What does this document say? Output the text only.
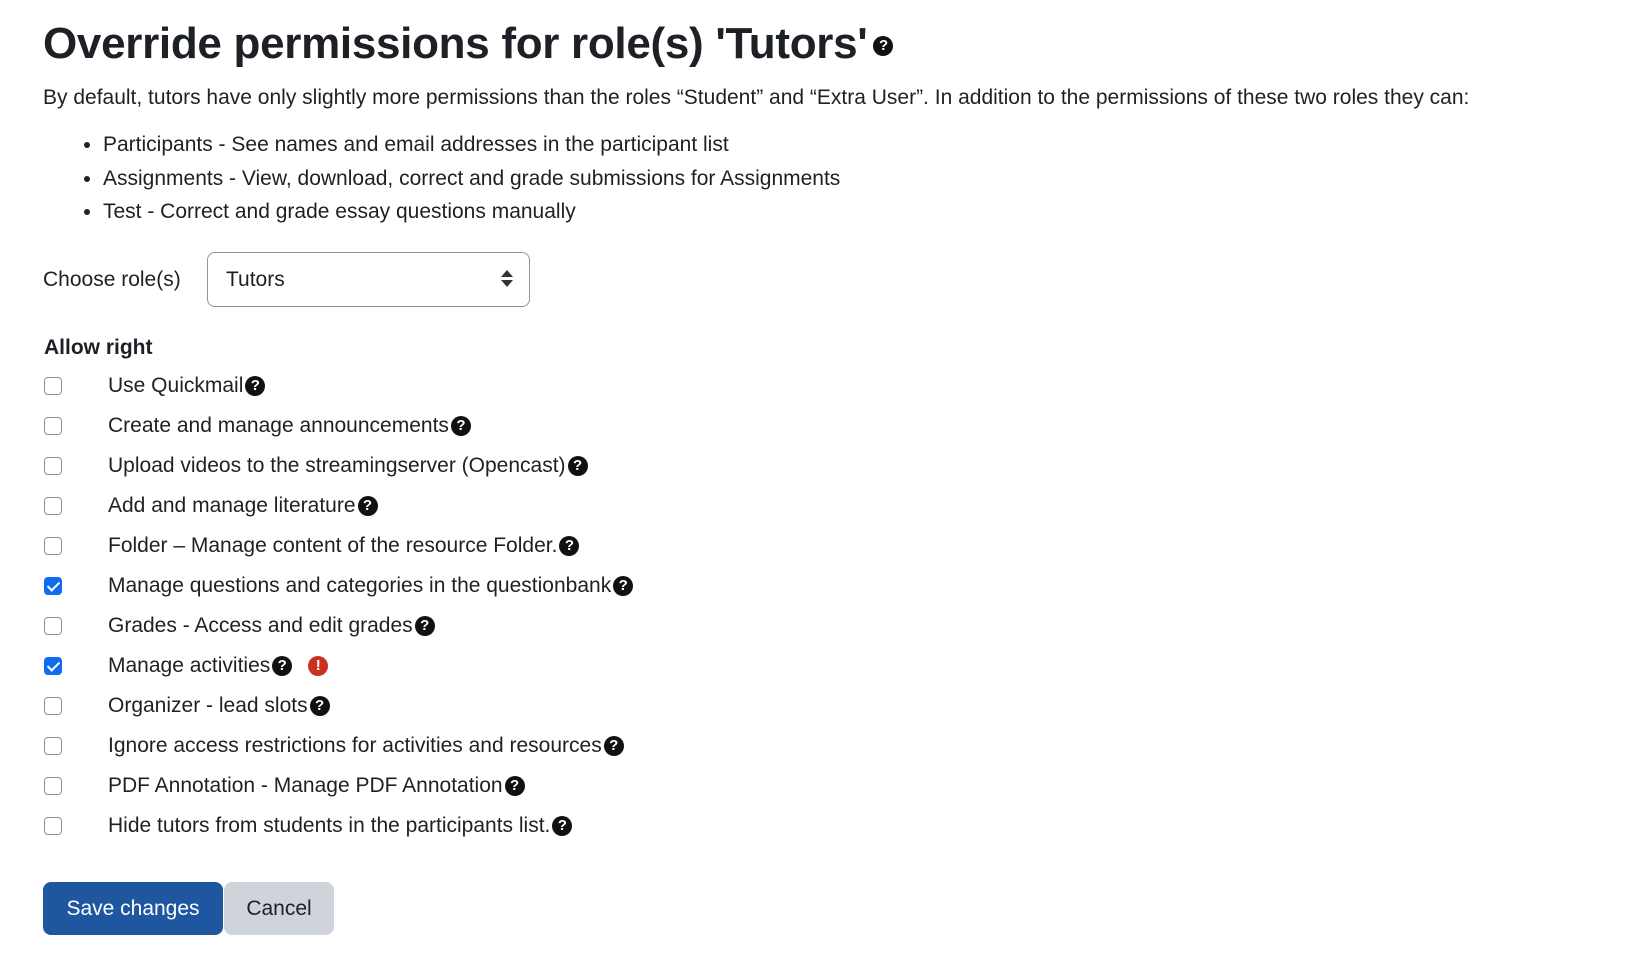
Override permissions for role(s) 'Tutors' ?
By default, tutors have only slightly more permissions than the roles “Student” and “Extra User”. In addition to the permissions of these two roles they can:
• Participants - See names and email addresses in the participant list
• Assignments - View, download, correct and grade submissions for Assignments
• Test - Correct and grade essay questions manually
Choose role(s)	Tutors
Allow right
Use Quickmail ?
Create and manage announcements ?
Upload videos to the streamingserver (Opencast) ?
Add and manage literature ?
Folder – Manage content of the resource Folder. ?
Manage questions and categories in the questionbank ?
Grades - Access and edit grades ?
Manage activities ? !
Organizer - lead slots ?
Ignore access restrictions for activities and resources ?
PDF Annotation - Manage PDF Annotation ?
Hide tutors from students in the participants list. ?
Save changes	Cancel
